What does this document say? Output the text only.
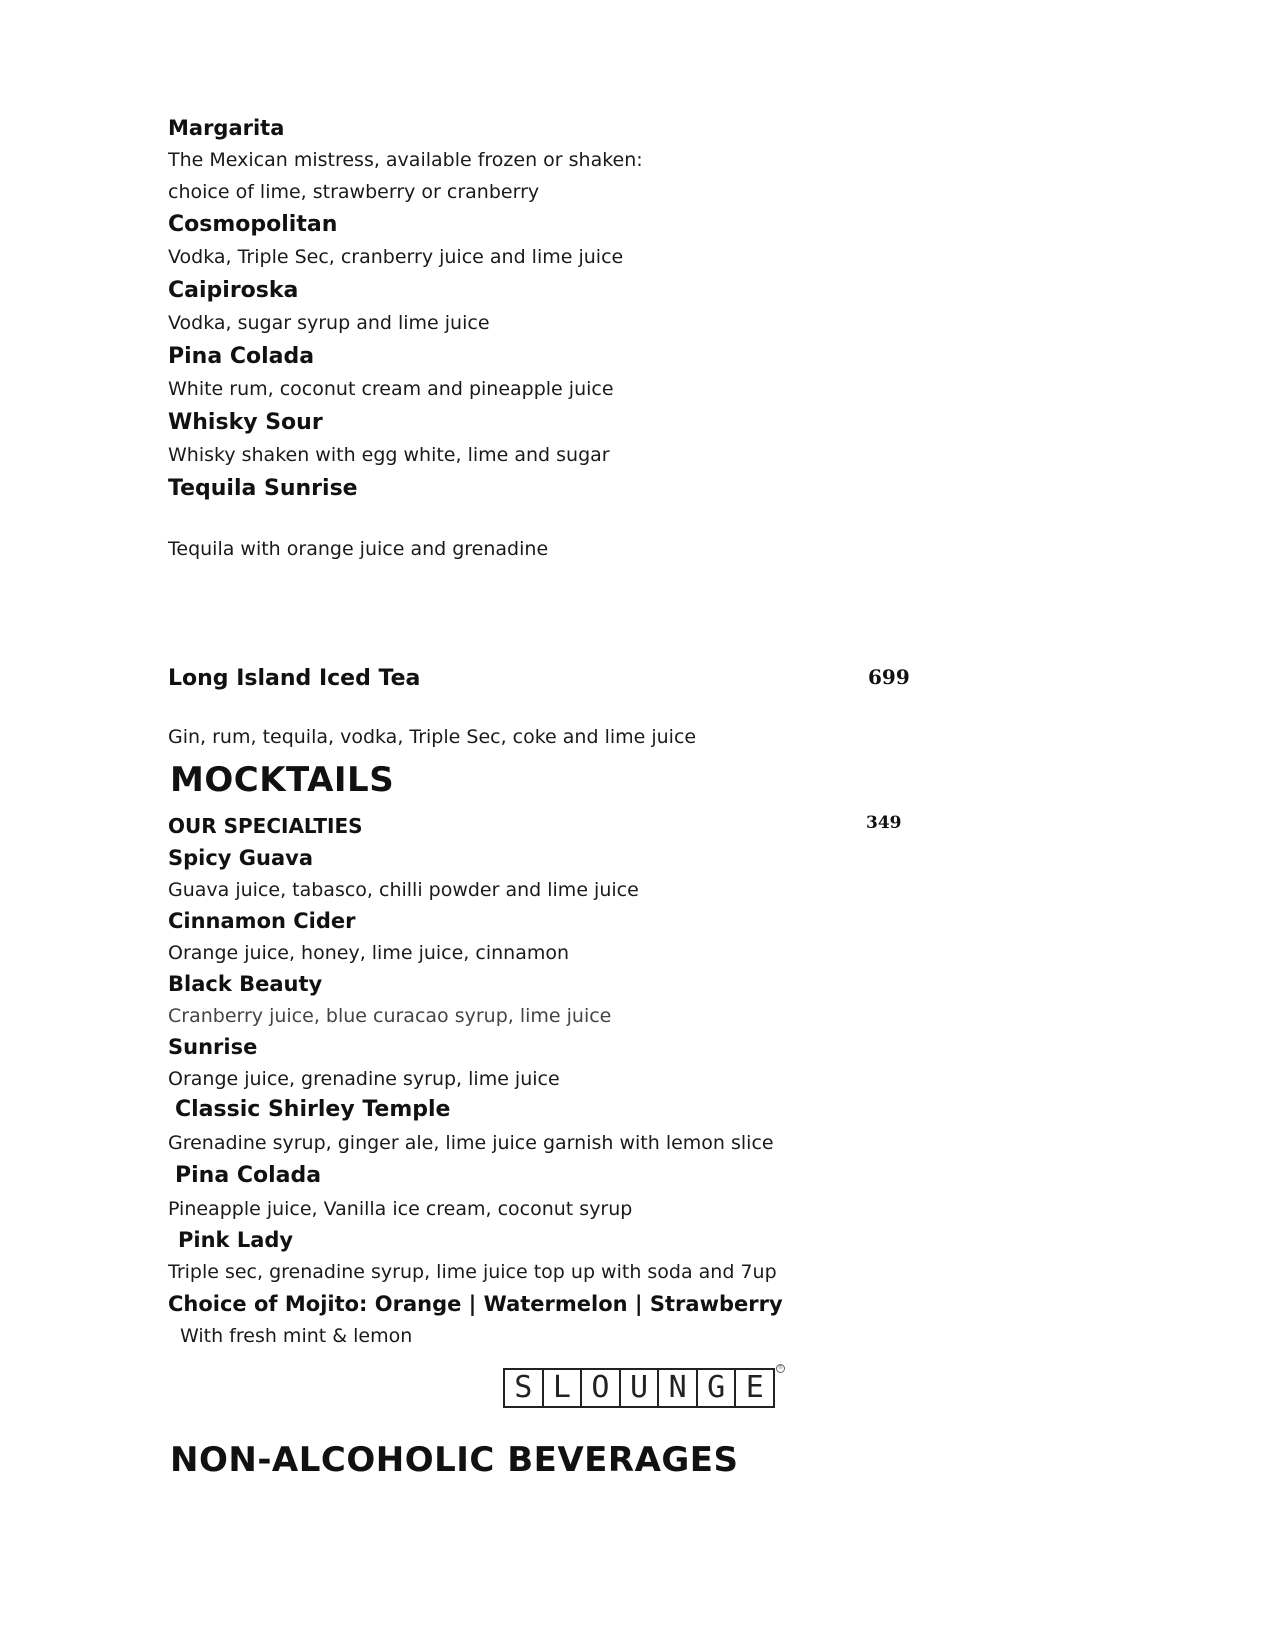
Margarita
The Mexican mistress, available frozen or shaken:
choice of lime, strawberry or cranberry
Cosmopolitan
Vodka, Triple Sec, cranberry juice and lime juice
Caipiroska
Vodka, sugar syrup and lime juice
Pina Colada
White rum, coconut cream and pineapple juice
Whisky Sour
Whisky shaken with egg white, lime and sugar
Tequila Sunrise
Tequila with orange juice and grenadine
Long Island Iced Tea	699
Gin, rum, tequila, vodka, Triple Sec, coke and lime juice
MOCKTAILS
OUR SPECIALTIES	349
Spicy Guava
Guava juice, tabasco, chilli powder and lime juice
Cinnamon Cider
Orange juice, honey, lime juice, cinnamon
Black Beauty
Cranberry juice, blue curacao syrup, lime juice
Sunrise
Orange juice, grenadine syrup, lime juice
Classic Shirley Temple
Grenadine syrup, ginger ale, lime juice garnish with lemon slice
Pina Colada
Pineapple juice, Vanilla ice cream, coconut syrup
Pink Lady
Triple sec, grenadine syrup, lime juice top up with soda and 7up
Choice of Mojito: Orange | Watermelon | Strawberry
With fresh mint & lemon
S L O U N G E
®
NON-ALCOHOLIC BEVERAGES
